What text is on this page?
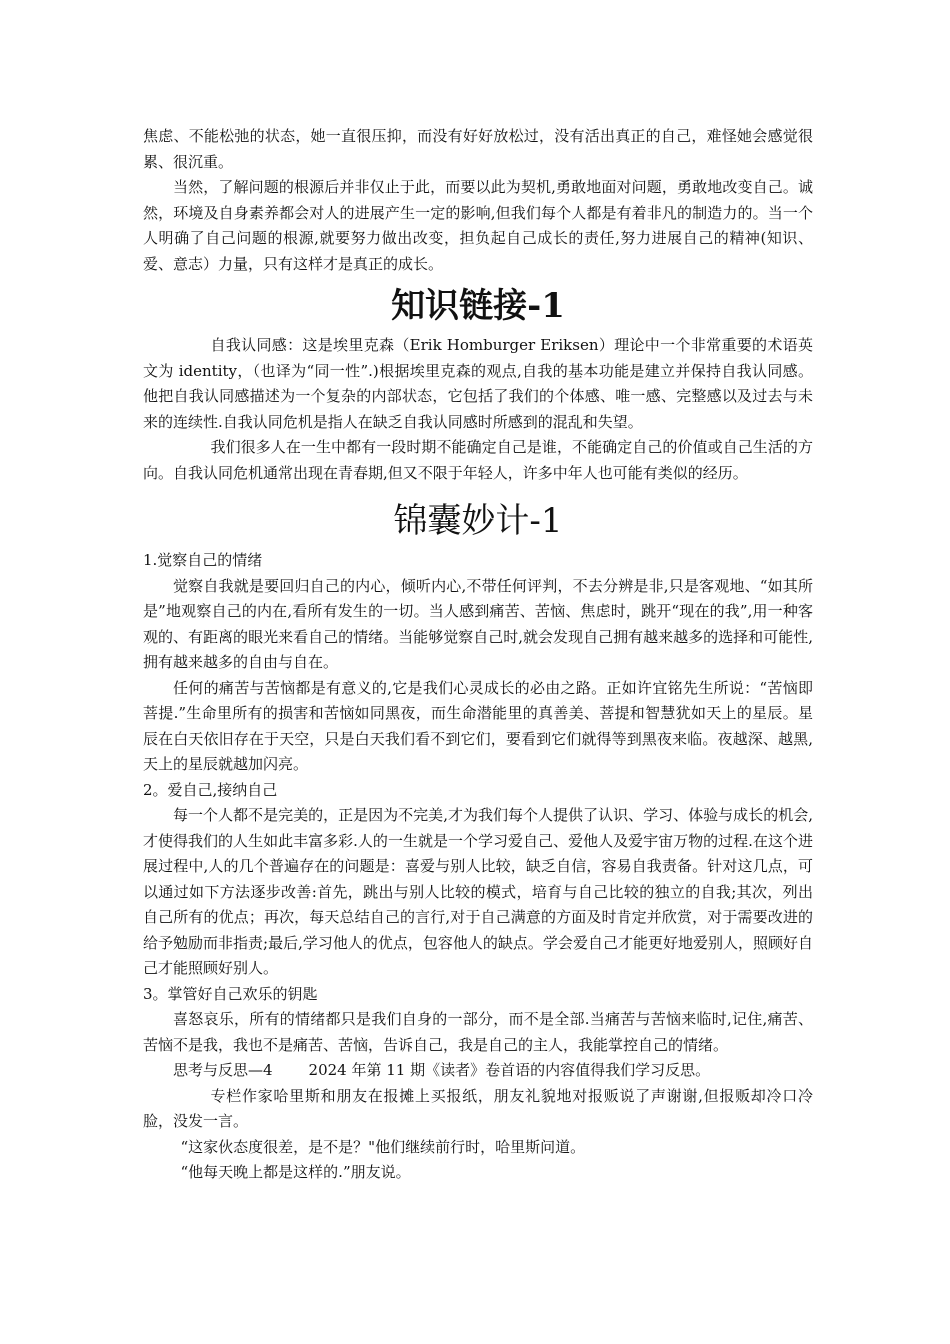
焦虑、不能松弛的状态，她一直很压抑，而没有好好放松过，没有活出真正的自己，难怪她会感觉很累、很沉重。

当然，了解问题的根源后并非仅止于此，而要以此为契机,勇敢地面对问题，勇敢地改变自己。诚然，环境及自身素养都会对人的进展产生一定的影响,但我们每个人都是有着非凡的制造力的。当一个人明确了自己问题的根源,就要努力做出改变，担负起自己成长的责任,努力进展自己的精神(知识、爱、意志）力量，只有这样才是真正的成长。

知识链接-1

自我认同感：这是埃里克森（Erik Homburger Eriksen）理论中一个非常重要的术语英文为 identity，（也译为“同一性”.)根据埃里克森的观点,自我的基本功能是建立并保持自我认同感。他把自我认同感描述为一个复杂的内部状态，它包括了我们的个体感、唯一感、完整感以及过去与未来的连续性.自我认同危机是指人在缺乏自我认同感时所感到的混乱和失望。

我们很多人在一生中都有一段时期不能确定自己是谁，不能确定自己的价值或自己生活的方向。自我认同危机通常出现在青春期,但又不限于年轻人，许多中年人也可能有类似的经历。

锦囊妙计-1

1.觉察自己的情绪

觉察自我就是要回归自己的内心，倾听内心,不带任何评判，不去分辨是非,只是客观地、“如其所是”地观察自己的内在,看所有发生的一切。当人感到痛苦、苦恼、焦虑时，跳开“现在的我”,用一种客观的、有距离的眼光来看自己的情绪。当能够觉察自己时,就会发现自己拥有越来越多的选择和可能性,拥有越来越多的自由与自在。

任何的痛苦与苦恼都是有意义的,它是我们心灵成长的必由之路。正如许宜铭先生所说：“苦恼即菩提.”生命里所有的损害和苦恼如同黑夜，而生命潜能里的真善美、菩提和智慧犹如天上的星辰。星辰在白天依旧存在于天空，只是白天我们看不到它们，要看到它们就得等到黑夜来临。夜越深、越黑,天上的星辰就越加闪亮。

2。爱自己,接纳自己

每一个人都不是完美的，正是因为不完美,才为我们每个人提供了认识、学习、体验与成长的机会,才使得我们的人生如此丰富多彩.人的一生就是一个学习爱自己、爱他人及爱宇宙万物的过程.在这个进展过程中,人的几个普遍存在的问题是：喜爱与别人比较，缺乏自信，容易自我责备。针对这几点，可以通过如下方法逐步改善:首先，跳出与别人比较的模式，培育与自己比较的独立的自我;其次，列出自己所有的优点；再次，每天总结自己的言行,对于自己满意的方面及时肯定并欣赏，对于需要改进的给予勉励而非指责;最后,学习他人的优点，包容他人的缺点。学会爱自己才能更好地爱别人，照顾好自己才能照顾好别人。

3。掌管好自己欢乐的钥匙

喜怒哀乐，所有的情绪都只是我们自身的一部分，而不是全部.当痛苦与苦恼来临时,记住,痛苦、苦恼不是我，我也不是痛苦、苦恼，告诉自己，我是自己的主人，我能掌控自己的情绪。

思考与反思—4 2024 年第 11 期《读者》卷首语的内容值得我们学习反思。

专栏作家哈里斯和朋友在报摊上买报纸，朋友礼貌地对报贩说了声谢谢,但报贩却冷口冷脸，没发一言。

“这家伙态度很差，是不是？"他们继续前行时，哈里斯问道。

“他每天晚上都是这样的.”朋友说。
